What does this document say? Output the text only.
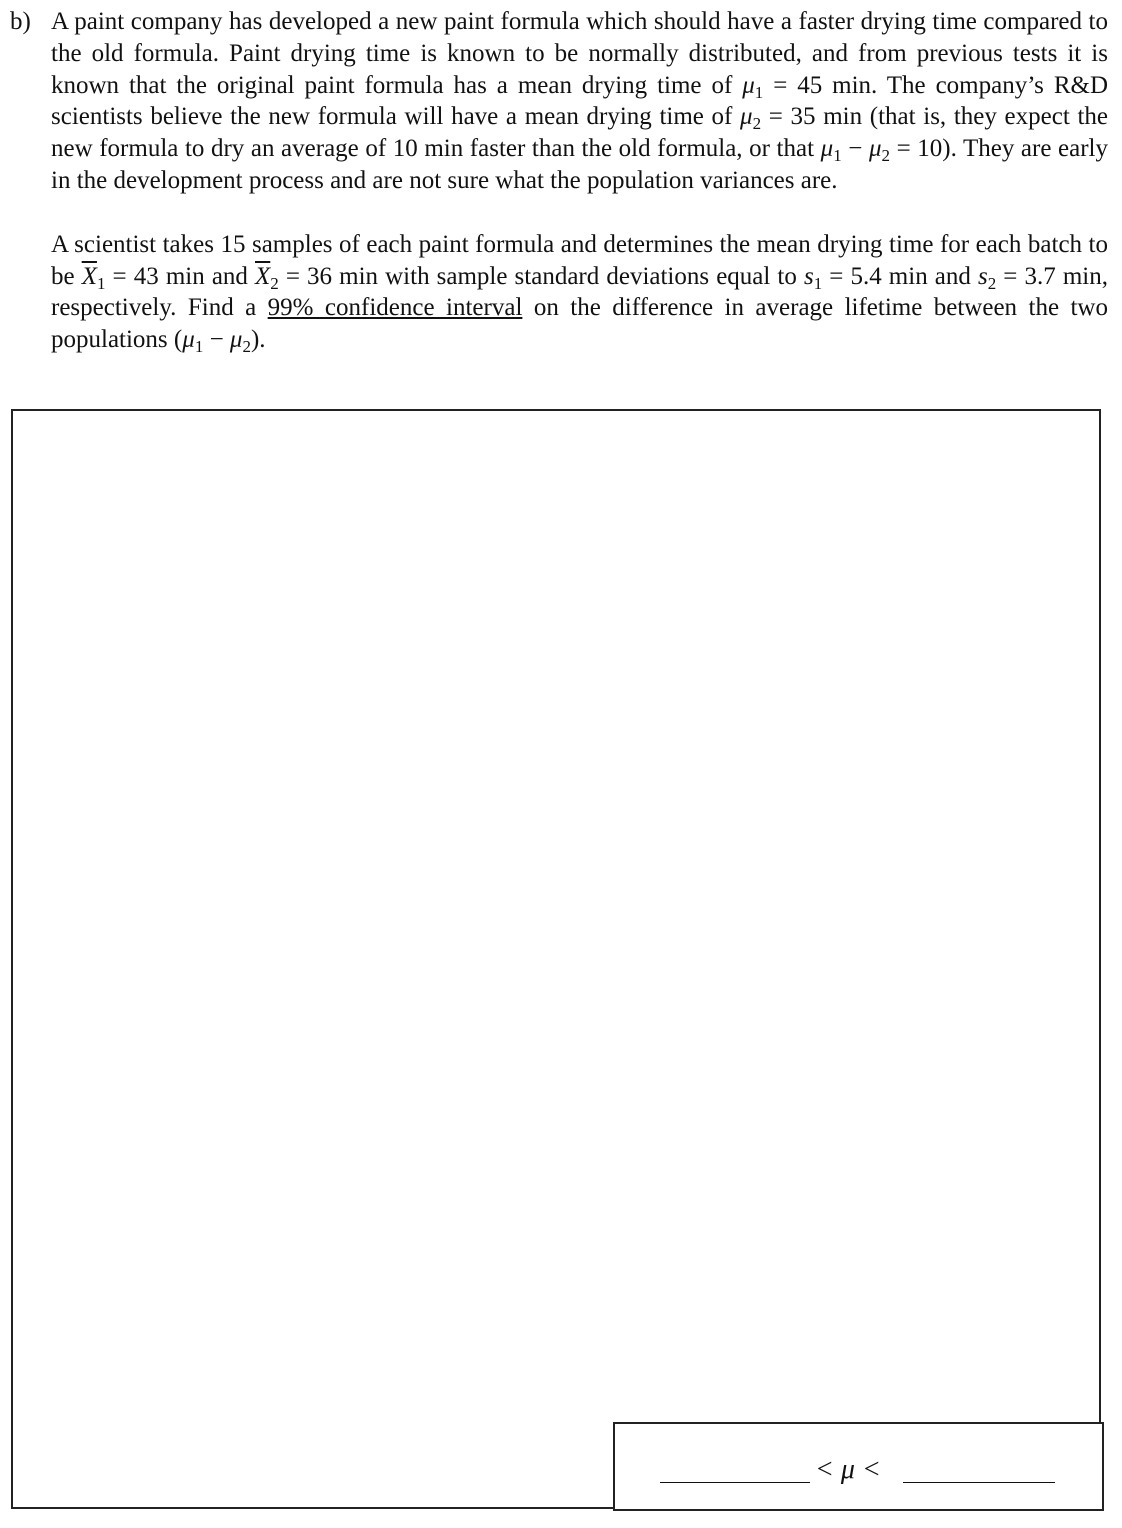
b) A paint company has developed a new paint formula which should have a faster drying time compared to the old formula. Paint drying time is known to be normally distributed, and from previous tests it is known that the original paint formula has a mean drying time of $\mu_1 = 45$ min. The company’s R&D scientists believe the new formula will have a mean drying time of $\mu_2 = 35$ min (that is, they expect the new formula to dry an average of 10 min faster than the old formula, or that $\mu_1 - \mu_2 = 10$). They are early in the development process and are not sure what the population variances are.

A scientist takes 15 samples of each paint formula and determines the mean drying time for each batch to be $\overline{X}_1 = 43$ min and $\overline{X}_2 = 36$ min with sample standard deviations equal to $s_1 = 5.4$ min and $s_2 = 3.7$ min, respectively. Find a 99% confidence interval on the difference in average lifetime between the two populations $(\mu_1 - \mu_2)$.

< μ <
